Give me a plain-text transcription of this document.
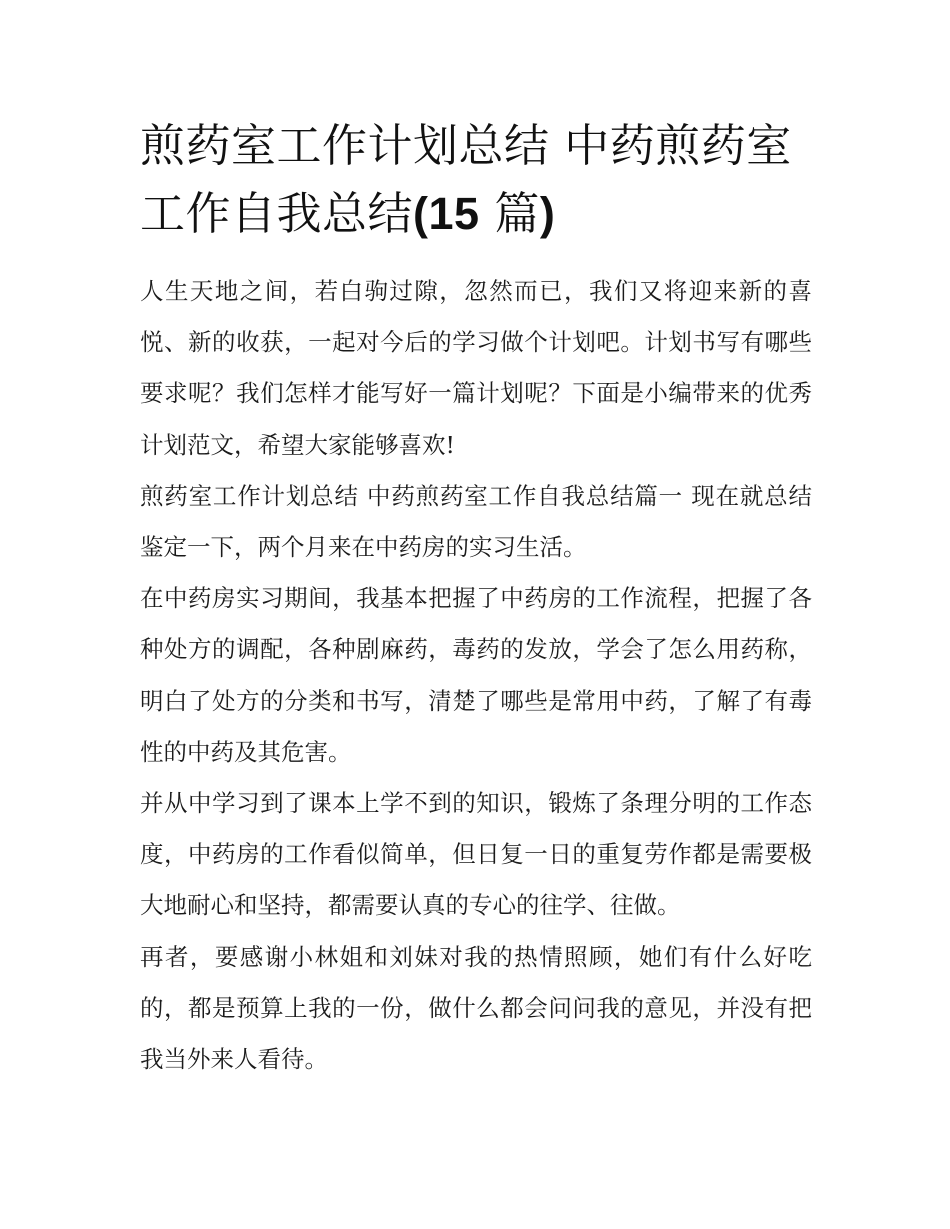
煎药室工作计划总结 中药煎药室工作自我总结(15 篇)

人生天地之间，若白驹过隙，忽然而已，我们又将迎来新的喜悦、新的收获，一起对今后的学习做个计划吧。计划书写有哪些要求呢？我们怎样才能写好一篇计划呢？下面是小编带来的优秀计划范文，希望大家能够喜欢!

煎药室工作计划总结 中药煎药室工作自我总结篇一 现在就总结鉴定一下，两个月来在中药房的实习生活。

在中药房实习期间，我基本把握了中药房的工作流程，把握了各种处方的调配，各种剧麻药，毒药的发放，学会了怎么用药称，明白了处方的分类和书写，清楚了哪些是常用中药，了解了有毒性的中药及其危害。

并从中学习到了课本上学不到的知识，锻炼了条理分明的工作态度，中药房的工作看似简单，但日复一日的重复劳作都是需要极大地耐心和坚持，都需要认真的专心的往学、往做。

再者，要感谢小林姐和刘妹对我的热情照顾，她们有什么好吃的，都是预算上我的一份，做什么都会问问我的意见，并没有把我当外来人看待。
